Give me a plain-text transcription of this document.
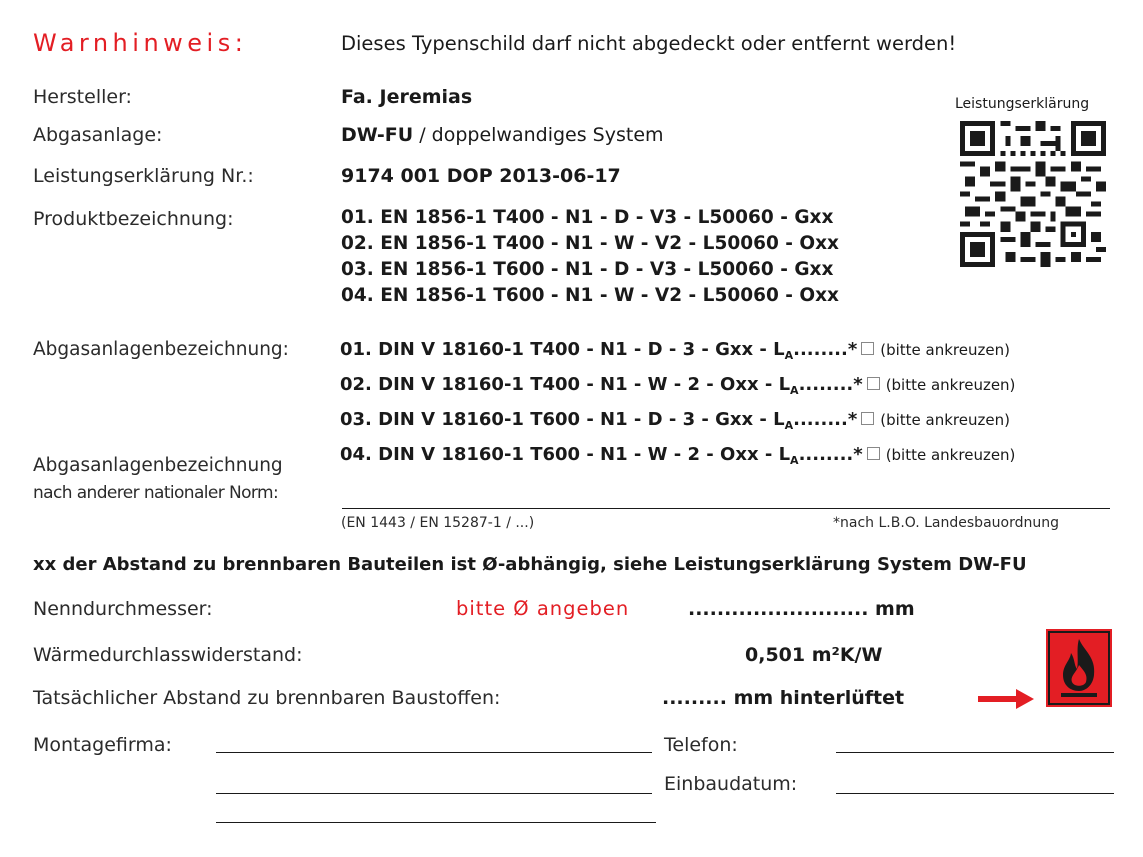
Warnhinweis:	Dieses Typenschild darf nicht abgedeckt oder entfernt werden!
Hersteller:	Fa. Jeremias
Abgasanlage:	DW-FU / doppelwandiges System
Leistungserklärung Nr.:	9174 001 DOP 2013-06-17
Produktbezeichnung:	01. EN 1856-1 T400 - N1 - D - V3 - L50060 - Gxx
02. EN 1856-1 T400 - N1 - W - V2 - L50060 - Oxx
03. EN 1856-1 T600 - N1 - D - V3 - L50060 - Gxx
04. EN 1856-1 T600 - N1 - W - V2 - L50060 - Oxx
Leistungserklärung
Abgasanlagenbezeichnung:	01. DIN V 18160-1 T400 - N1 - D - 3 - Gxx - $L_A........*$ (bitte ankreuzen)
02. DIN V 18160-1 T400 - N1 - W - 2 - Oxx - $L_A........*$ (bitte ankreuzen)
03. DIN V 18160-1 T600 - N1 - D - 3 - Gxx - $L_A........*$ (bitte ankreuzen)
04. DIN V 18160-1 T600 - N1 - W - 2 - Oxx - $L_A........*$ (bitte ankreuzen)
Abgasanlagenbezeichnung
nach anderer nationaler Norm:
(EN 1443 / EN 15287-1 / ...)	*nach L.B.O. Landesbauordnung
xx der Abstand zu brennbaren Bauteilen ist Ø-abhängig, siehe Leistungserklärung System DW-FU
Nenndurchmesser:	bitte Ø angeben	......................... mm
Wärmedurchlasswiderstand:	0,501 m²K/W
Tatsächlicher Abstand zu brennbaren Baustoffen:	......... mm hinterlüftet
Montagefirma:	Telefon:
Einbaudatum:
